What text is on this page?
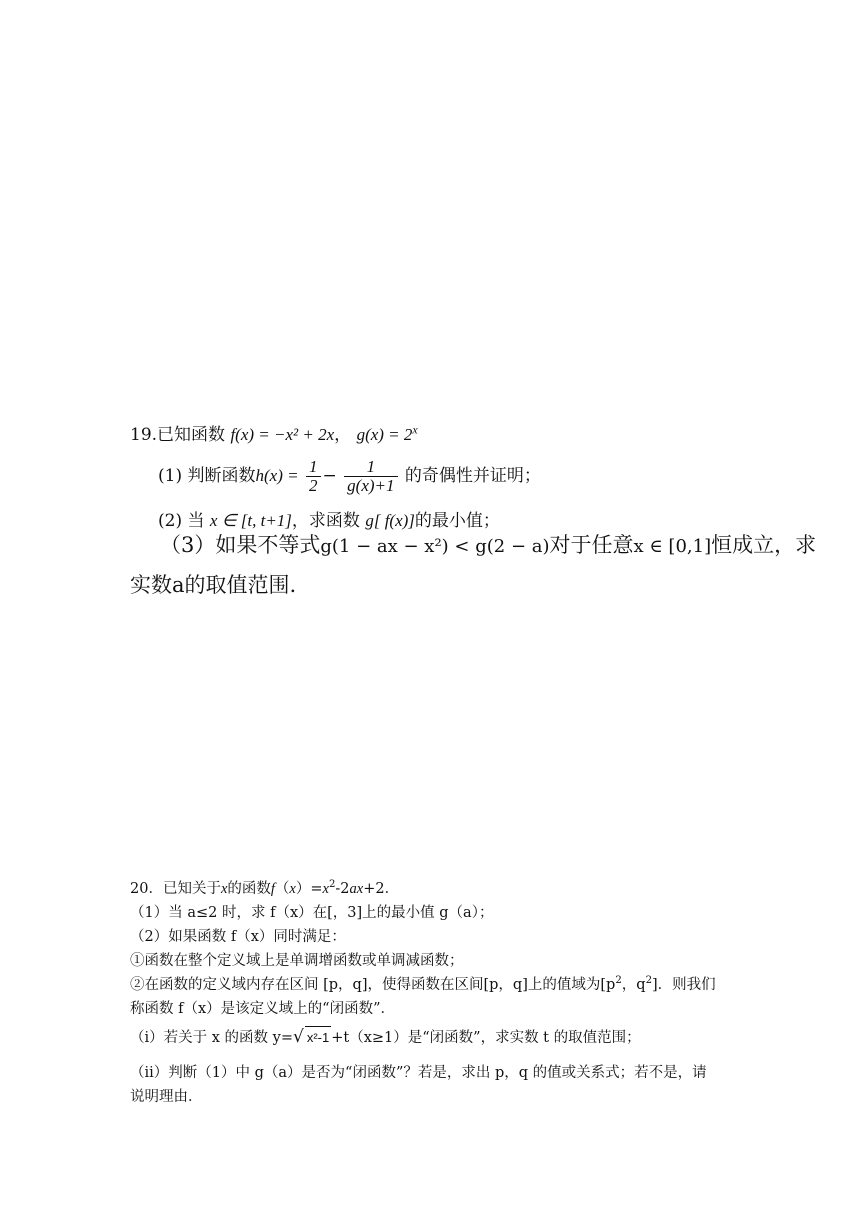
19.已知函数 f(x) = −x² + 2x， $g(x) = 2^x$
(1) 判断函数$h(x) = \frac{1}{2} - \frac{1}{g(x)+1}$ 的奇偶性并证明；
(2) 当 x ∈ [t, t+1]，求函数 g[ f(x)]的最小值；
（3）如果不等式g(1 − ax − x²) < g(2 − a)对于任意x ∈ [0,1]恒成立，求
实数a的取值范围.
20．已知关于x的函数$f(x)=x^2-2ax+2$．
（1）当 a≤2 时，求 f（x）在[，3]上的最小值 g（a）；
（2）如果函数 f（x）同时满足：
①函数在整个定义域上是单调增函数或单调减函数；
②在函数的定义域内存在区间 [p，q]，使得函数在区间[p，q]上的值域为[$p^2$，$q^2$]．则我们
称函数 f（x）是该定义域上的“闭函数”．
（i）若关于 x 的函数 y=√ x²-1 +t（x≥1）是“闭函数”，求实数 t 的取值范围；
（ii）判断（1）中 g（a）是否为“闭函数”？若是，求出 p，q 的值或关系式；若不是，请
说明理由．
